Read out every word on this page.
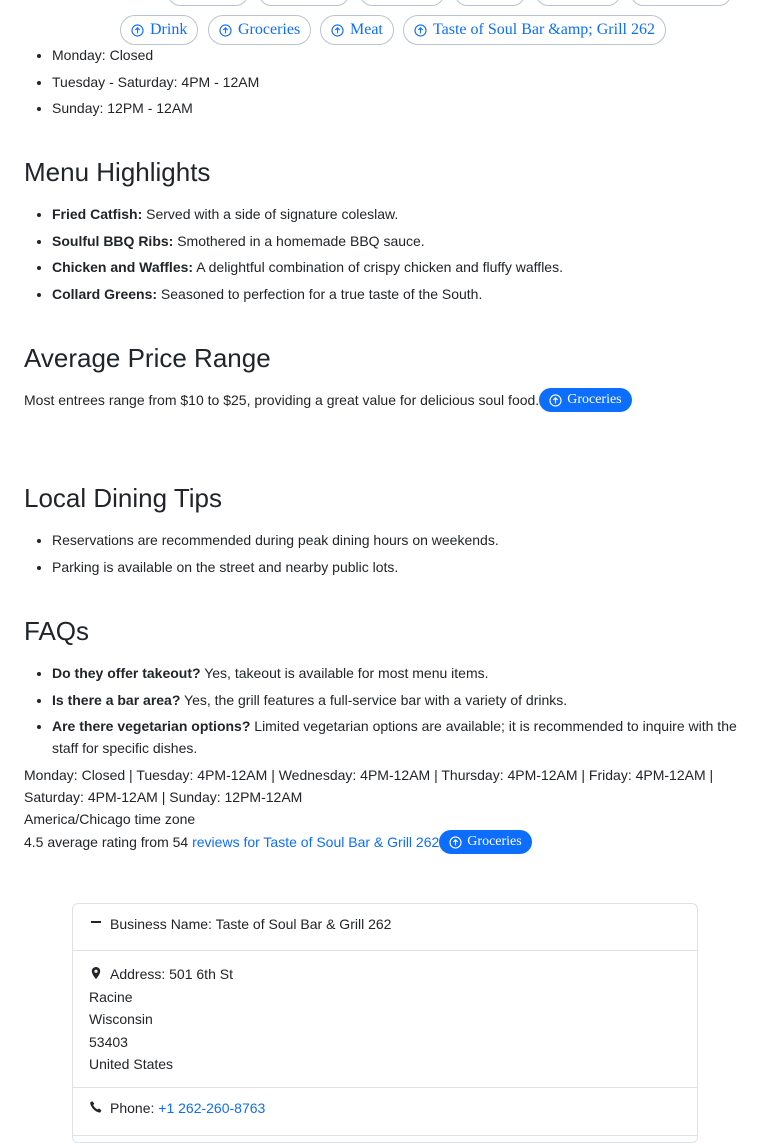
Drink	Groceries	Meat	Taste of Soul Bar &amp; Grill 262
• Monday: Closed
• Tuesday - Saturday: 4PM - 12AM
• Sunday: 12PM - 12AM
Menu Highlights
• Fried Catfish: Served with a side of signature coleslaw.
• Soulful BBQ Ribs: Smothered in a homemade BBQ sauce.
• Chicken and Waffles: A delightful combination of crispy chicken and fluffy waffles.
• Collard Greens: Seasoned to perfection for a true taste of the South.
Average Price Range
Most entrees range from $10 to $25, providing a great value for delicious soul food. Groceries
Local Dining Tips
• Reservations are recommended during peak dining hours on weekends.
• Parking is available on the street and nearby public lots.
FAQs
• Do they offer takeout? Yes, takeout is available for most menu items.
• Is there a bar area? Yes, the grill features a full-service bar with a variety of drinks.
• Are there vegetarian options? Limited vegetarian options are available; it is recommended to inquire with the staff for specific dishes.
Monday: Closed | Tuesday: 4PM-12AM | Wednesday: 4PM-12AM | Thursday: 4PM-12AM | Friday: 4PM-12AM | Saturday: 4PM-12AM | Sunday: 12PM-12AM
America/Chicago time zone
4.5 average rating from 54 reviews for Taste of Soul Bar & Grill 262 Groceries
Business Name: Taste of Soul Bar & Grill 262
Address: 501 6th St
Racine
Wisconsin
53403
United States
Phone: +1 262-260-8763
